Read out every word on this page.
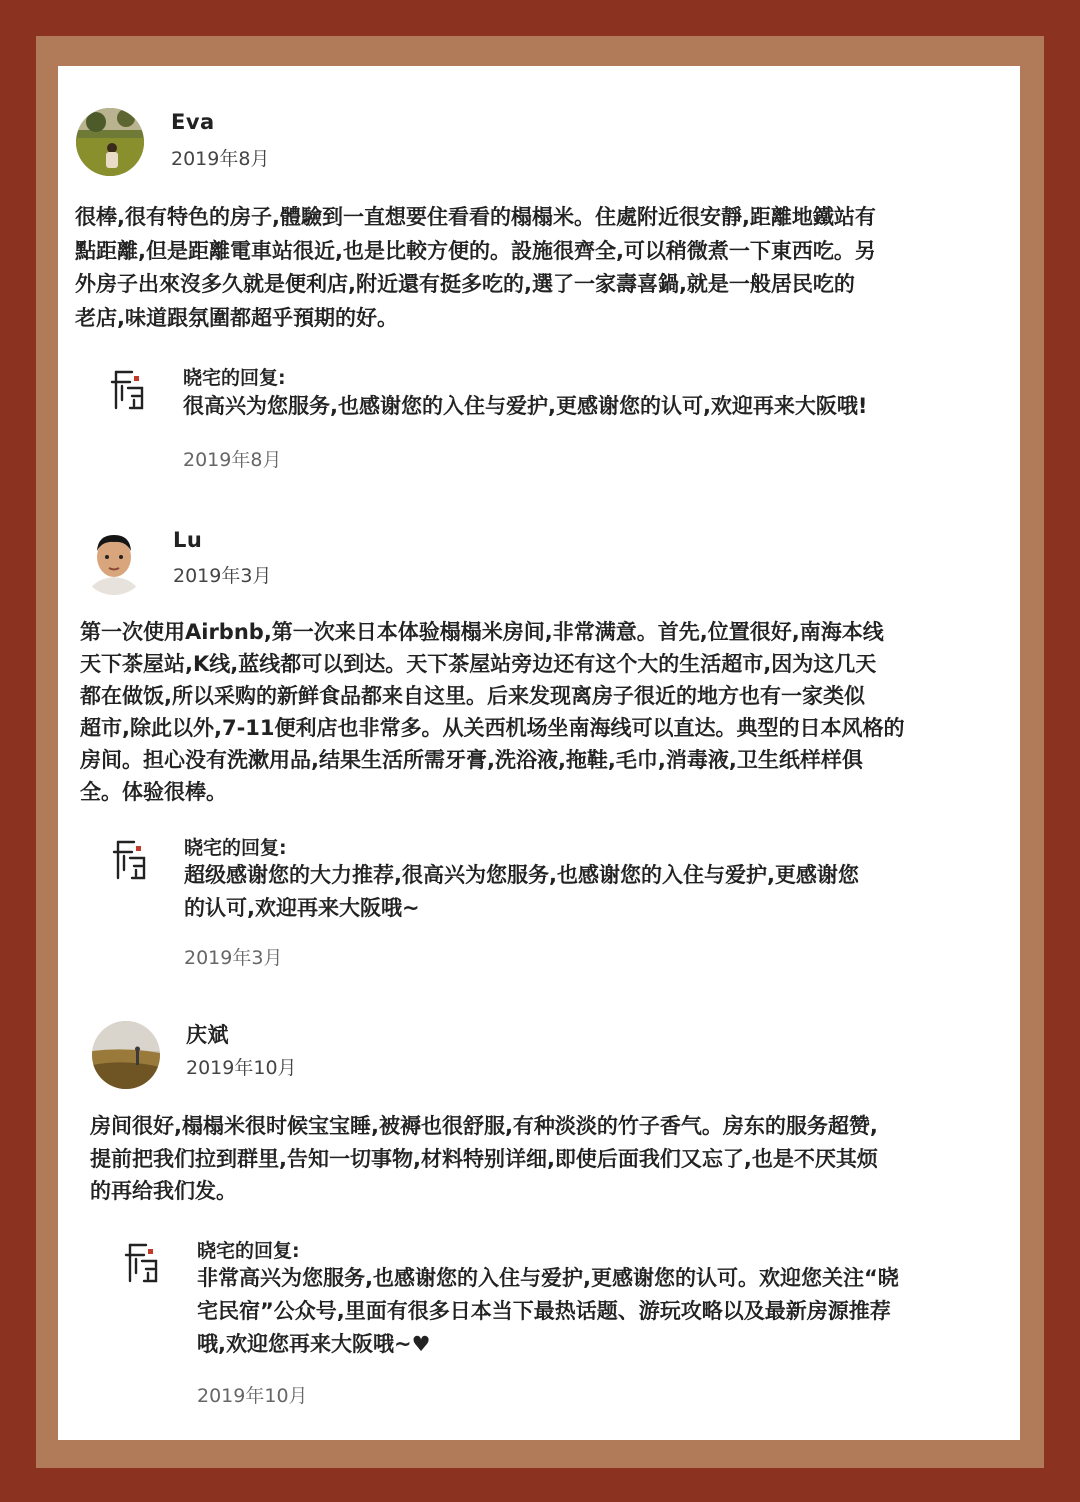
Eva
2019年8月
很棒,很有特色的房子,體驗到一直想要住看看的榻榻米。住處附近很安靜,距離地鐵站有
點距離,但是距離電車站很近,也是比較方便的。設施很齊全,可以稍微煮一下東西吃。另
外房子出來沒多久就是便利店,附近還有挺多吃的,選了一家壽喜鍋,就是一般居民吃的
老店,味道跟氛圍都超乎預期的好。
晓宅的回复:
很高兴为您服务,也感谢您的入住与爱护,更感谢您的认可,欢迎再来大阪哦!
2019年8月
Lu
2019年3月
第一次使用Airbnb,第一次来日本体验榻榻米房间,非常满意。首先,位置很好,南海本线
天下茶屋站,K线,蓝线都可以到达。天下茶屋站旁边还有这个大的生活超市,因为这几天
都在做饭,所以采购的新鲜食品都来自这里。后来发现离房子很近的地方也有一家类似
超市,除此以外,7-11便利店也非常多。从关西机场坐南海线可以直达。典型的日本风格的
房间。担心没有洗漱用品,结果生活所需牙膏,洗浴液,拖鞋,毛巾,消毒液,卫生纸样样俱
全。体验很棒。
晓宅的回复:
超级感谢您的大力推荐,很高兴为您服务,也感谢您的入住与爱护,更感谢您
的认可,欢迎再来大阪哦~
2019年3月
庆斌
2019年10月
房间很好,榻榻米很时候宝宝睡,被褥也很舒服,有种淡淡的竹子香气。房东的服务超赞,
提前把我们拉到群里,告知一切事物,材料特别详细,即使后面我们又忘了,也是不厌其烦
的再给我们发。
晓宅的回复:
非常高兴为您服务,也感谢您的入住与爱护,更感谢您的认可。欢迎您关注“晓
宅民宿”公众号,里面有很多日本当下最热话题、游玩攻略以及最新房源推荐
哦,欢迎您再来大阪哦~♥
2019年10月
